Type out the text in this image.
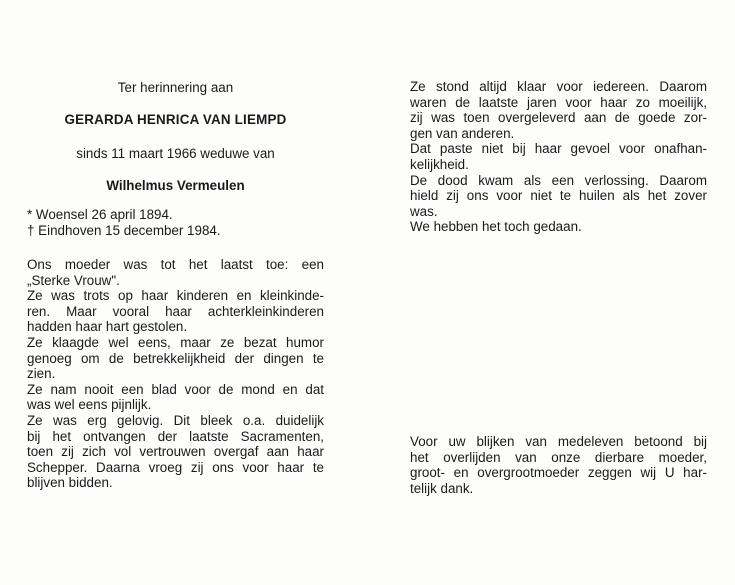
Ter herinnering aan
GERARDA HENRICA VAN LIEMPD
sinds 11 maart 1966 weduwe van
Wilhelmus Vermeulen
* Woensel 26 april 1894.
† Eindhoven 15 december 1984.
Ons moeder was tot het laatst toe: een
„Sterke Vrouw".
Ze was trots op haar kinderen en kleinkinde-
ren. Maar vooral haar achterkleinkinderen
hadden haar hart gestolen.
Ze klaagde wel eens, maar ze bezat humor
genoeg om de betrekkelijkheid der dingen te
zien.
Ze nam nooit een blad voor de mond en dat
was wel eens pijnlijk.
Ze was erg gelovig. Dit bleek o.a. duidelijk
bij het ontvangen der laatste Sacramenten,
toen zij zich vol vertrouwen overgaf aan haar
Schepper. Daarna vroeg zij ons voor haar te
blijven bidden.
Ze stond altijd klaar voor iedereen. Daarom
waren de laatste jaren voor haar zo moeilijk,
zij was toen overgeleverd aan de goede zor-
gen van anderen.
Dat paste niet bij haar gevoel voor onafhan-
kelijkheid.
De dood kwam als een verlossing. Daarom
hield zij ons voor niet te huilen als het zover
was.
We hebben het toch gedaan.
Voor uw blijken van medeleven betoond bij
het overlijden van onze dierbare moeder,
groot- en overgrootmoeder zeggen wij U har-
telijk dank.
